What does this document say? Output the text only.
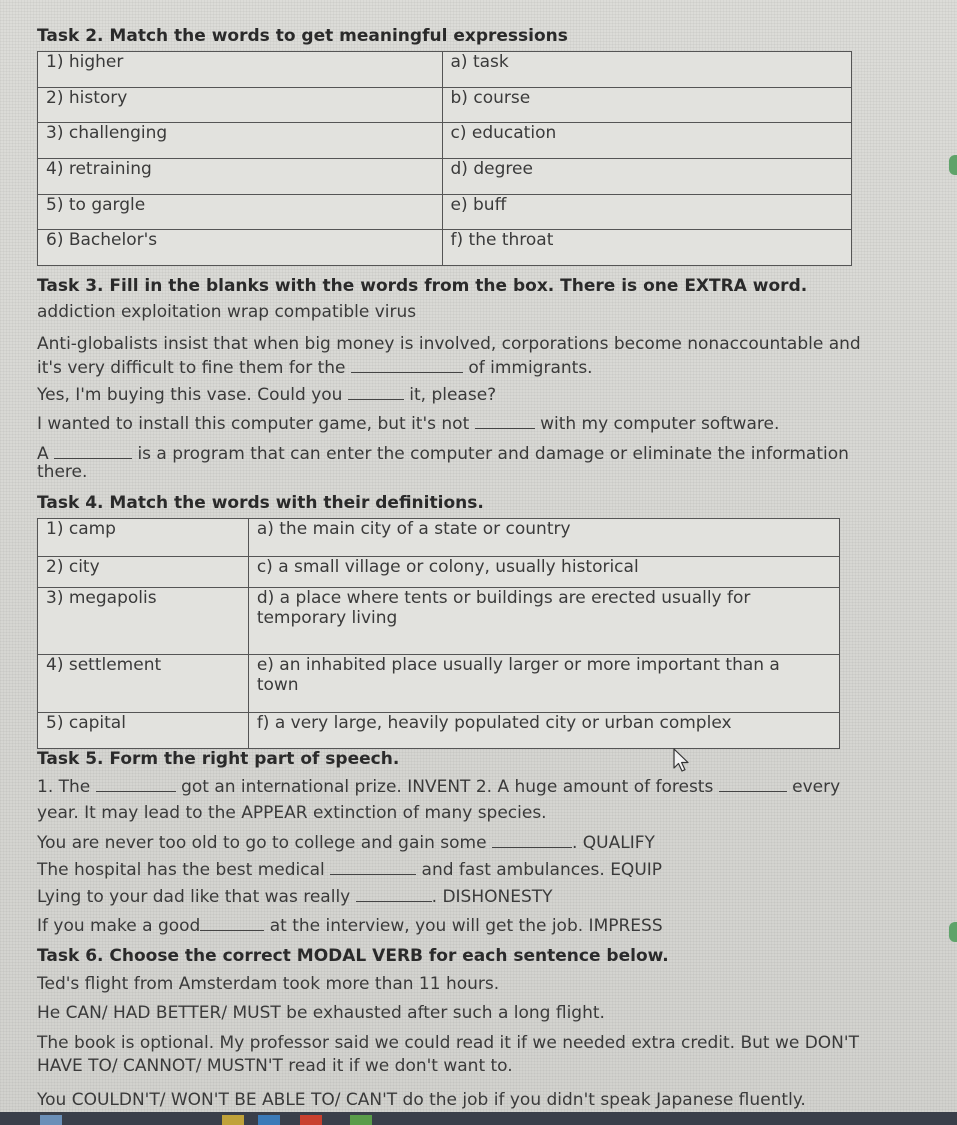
Task 2. Match the words to get meaningful expressions
1) higher	a) task
2) history	b) course
3) challenging	c) education
4) retraining	d) degree
5) to gargle	e) buff
6) Bachelor's	f) the throat
Task 3. Fill in the blanks with the words from the box. There is one EXTRA word.
addiction exploitation wrap compatible virus
Anti-globalists insist that when big money is involved, corporations become nonaccountable and
it's very difficult to fine them for the	of immigrants.
Yes, I'm buying this vase. Could you	it, please?
I wanted to install this computer game, but it's not	with my computer software.
A	is a program that can enter the computer and damage or eliminate the information
there.
Task 4. Match the words with their definitions.
1) camp	a) the main city of a state or country

2) city	c) a small village or colony, usually historical

3) megapolis	d) a place where tents or buildings are erected usually for
temporary living

4) settlement	e) an inhabited place usually larger or more important than a
town

5) capital	f) a very large, heavily populated city or urban complex
Task 5. Form the right part of speech.
1. The	got an international prize. INVENT 2. A huge amount of forests	every
year. It may lead to the APPEAR extinction of many species.
You are never too old to go to college and gain some	. QUALIFY
The hospital has the best medical	and fast ambulances. EQUIP
Lying to your dad like that was really	. DISHONESTY
If you make a good	at the interview, you will get the job. IMPRESS
Task 6. Choose the correct MODAL VERB for each sentence below.
Ted's flight from Amsterdam took more than 11 hours.
He CAN/ HAD BETTER/ MUST be exhausted after such a long flight.
The book is optional. My professor said we could read it if we needed extra credit. But we DON'T
HAVE TO/ CANNOT/ MUSTN'T read it if we don't want to.
You COULDN'T/ WON'T BE ABLE TO/ CAN'T do the job if you didn't speak Japanese fluently.
